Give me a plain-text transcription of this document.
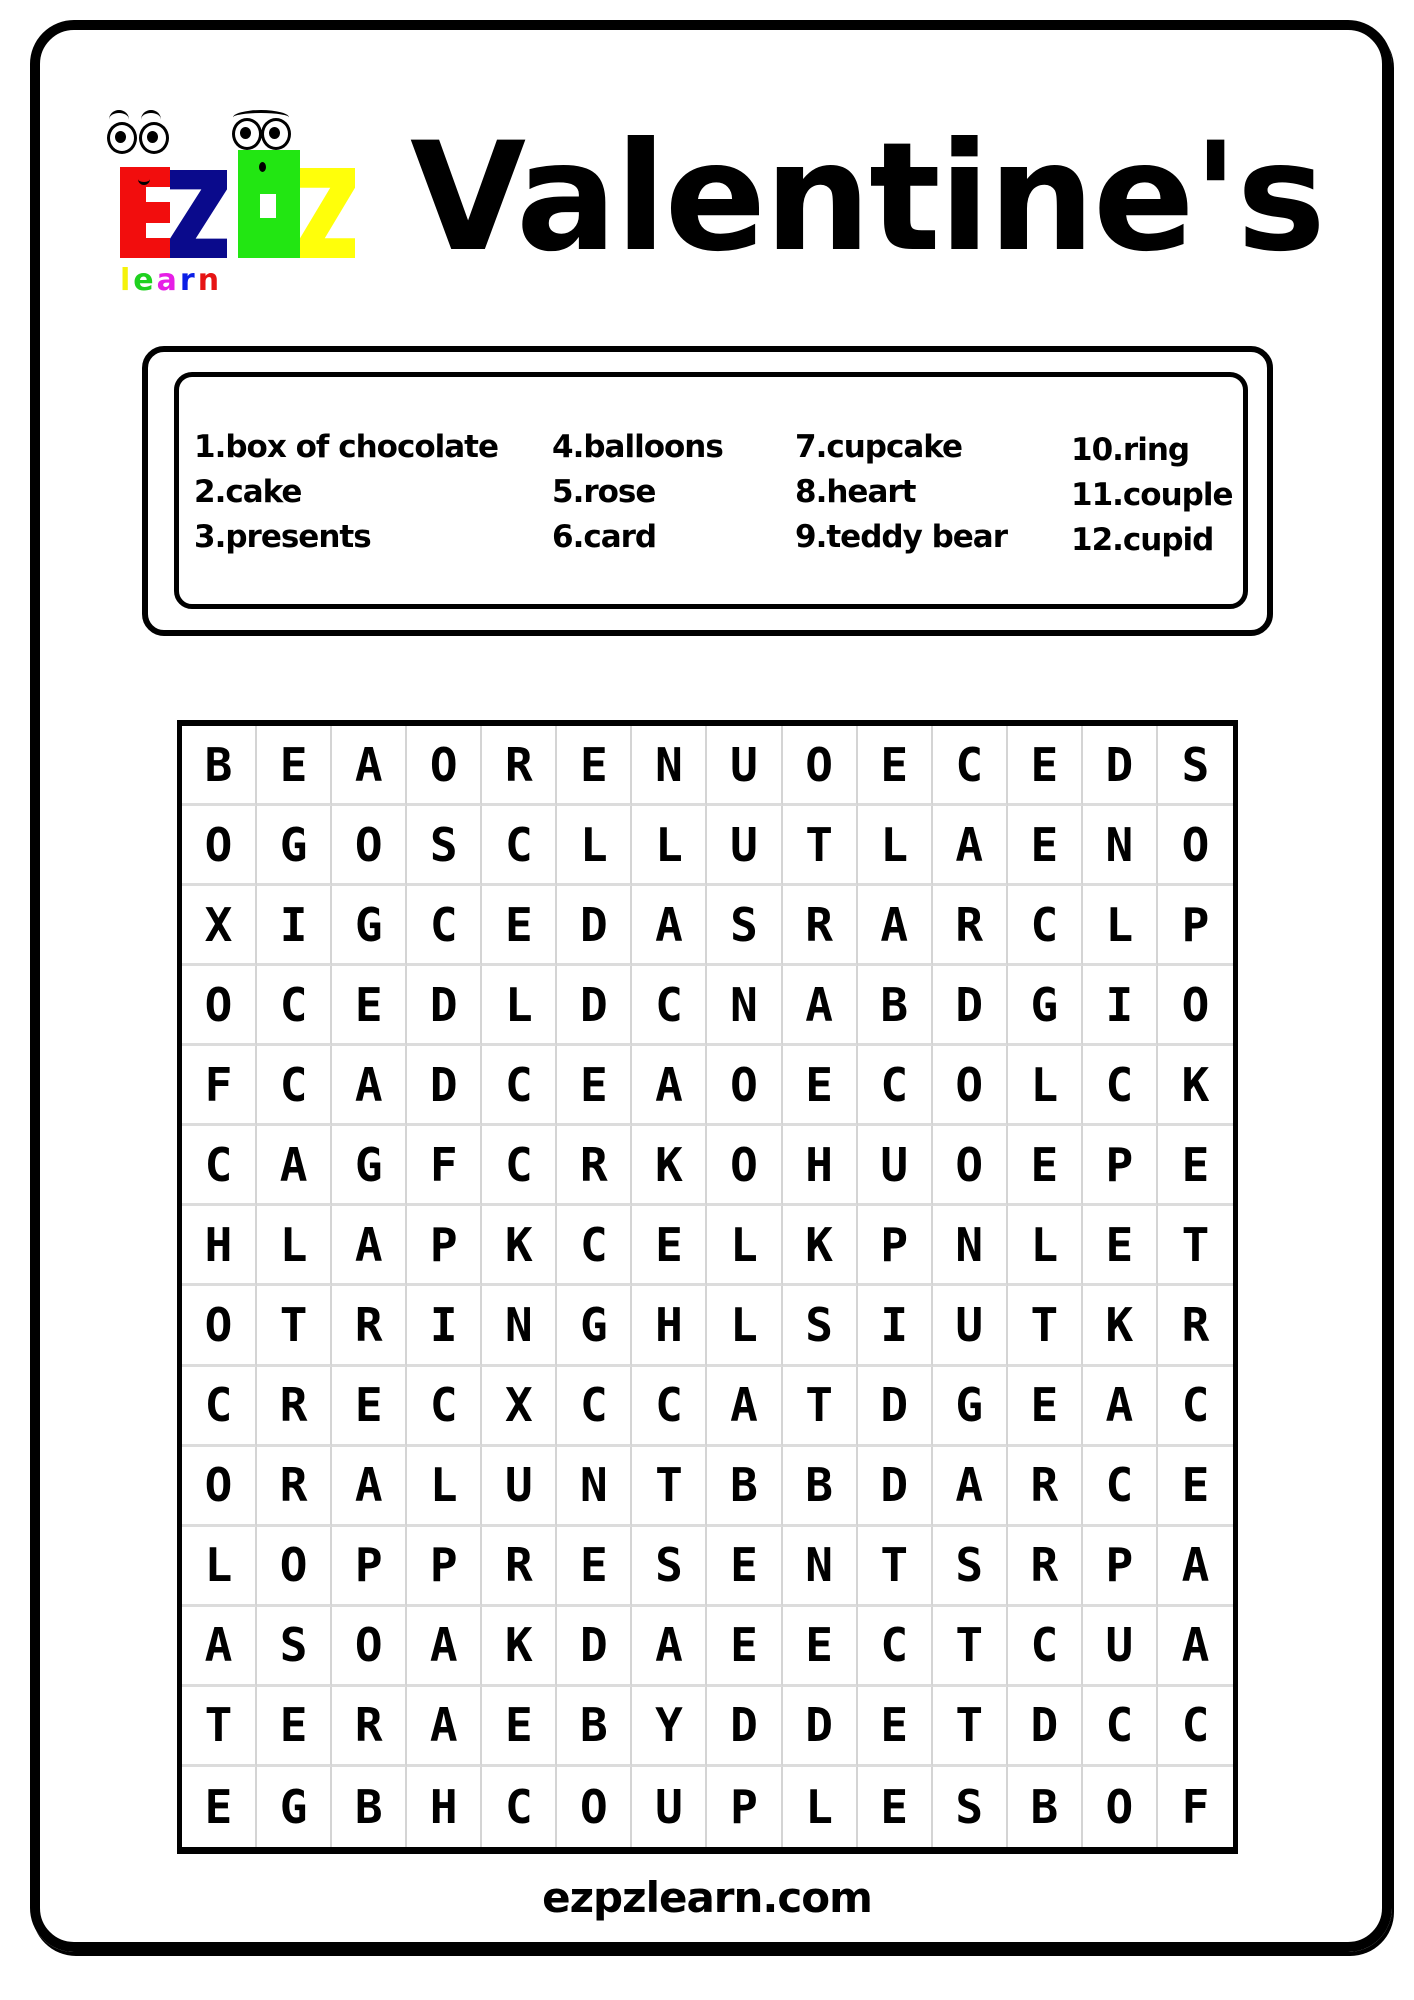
learn Valentine's
1.box of chocolate
2.cake
3.presents
4.balloons
5.rose
6.card
7.cupcake
8.heart
9.teddy bear
10.ring
11.couple
12.cupid
B	E	A	O	R	E	N	U	O	E	C	E	D	S
O	G	O	S	C	L	L	U	T	L	A	E	N	O
X	I	G	C	E	D	A	S	R	A	R	C	L	P
O	C	E	D	L	D	C	N	A	B	D	G	I	O
F	C	A	D	C	E	A	O	E	C	O	L	C	K
C	A	G	F	C	R	K	O	H	U	O	E	P	E
H	L	A	P	K	C	E	L	K	P	N	L	E	T
O	T	R	I	N	G	H	L	S	I	U	T	K	R
C	R	E	C	X	C	C	A	T	D	G	E	A	C
O	R	A	L	U	N	T	B	B	D	A	R	C	E
L	O	P	P	R	E	S	E	N	T	S	R	P	A
A	S	O	A	K	D	A	E	E	C	T	C	U	A
T	E	R	A	E	B	Y	D	D	E	T	D	C	C
E	G	B	H	C	O	U	P	L	E	S	B	O	F
ezpzlearn.com
